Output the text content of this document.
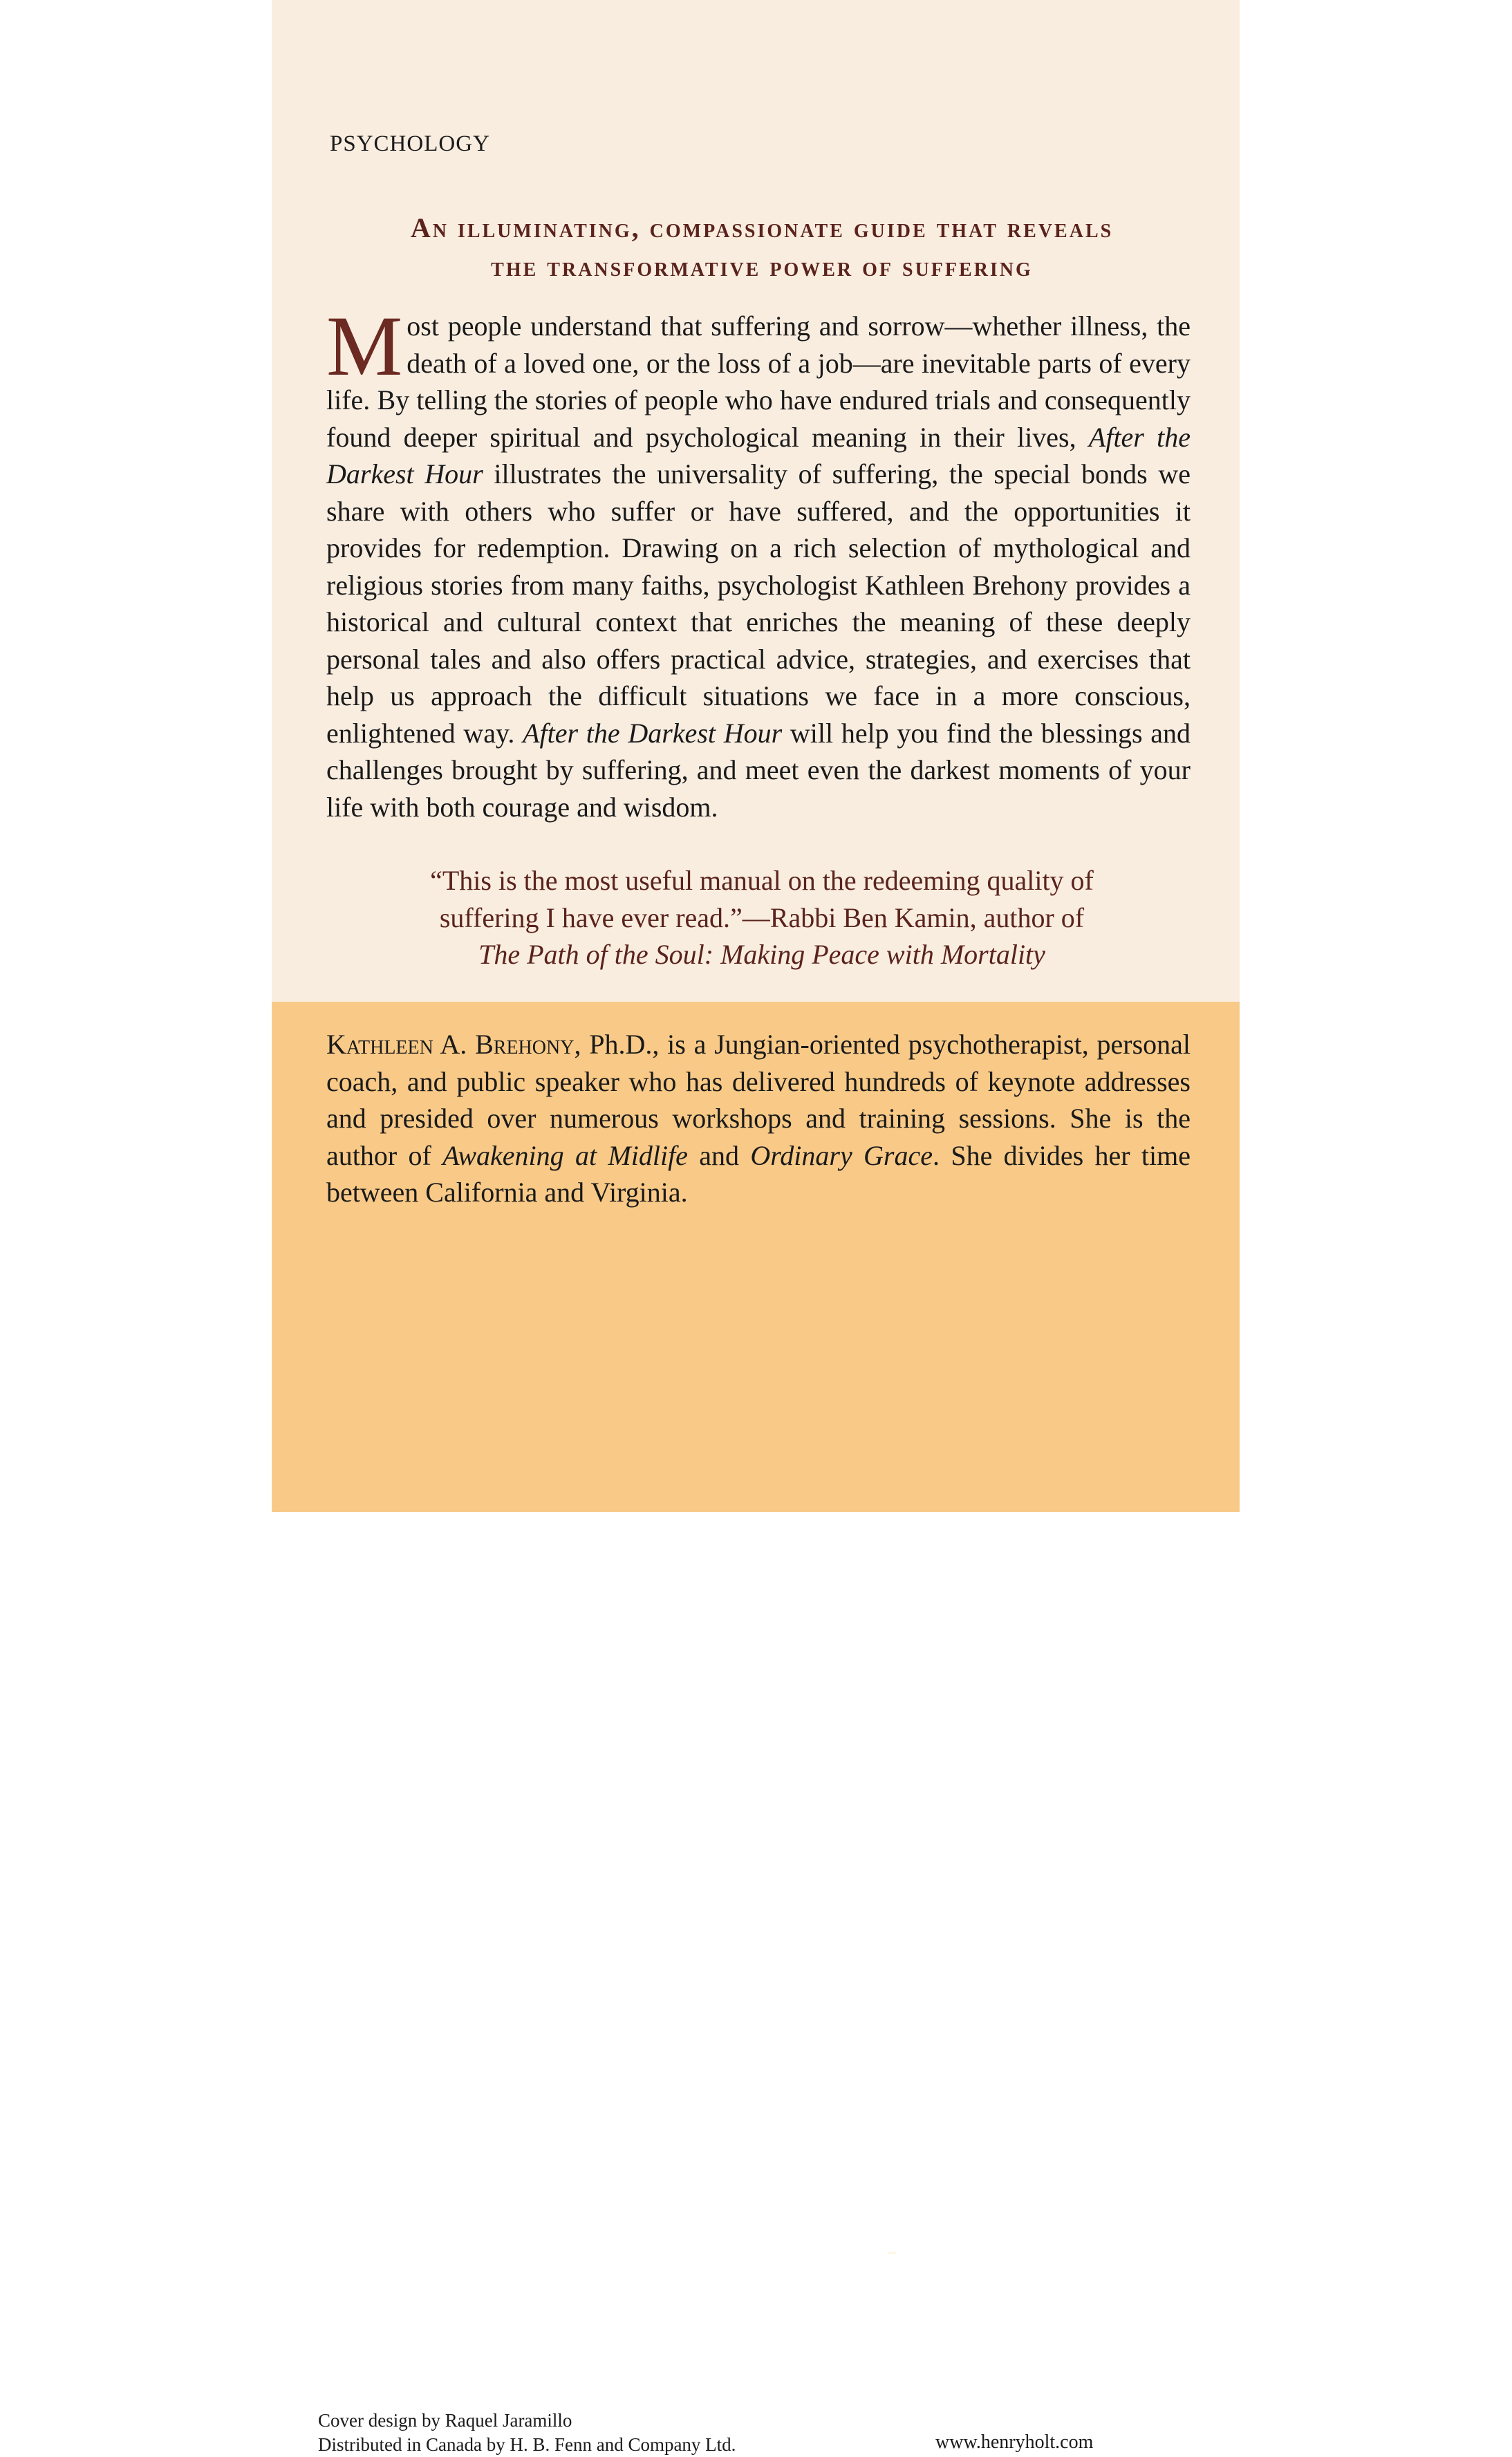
PSYCHOLOGY
An illuminating, compassionate guide that reveals
the transformative power of suffering
Most people understand that suffering and sorrow—whether illness, the death of a loved one, or the loss of a job—are inevitable parts of every life. By telling the stories of people who have endured trials and consequently found deeper spiritual and psychological meaning in their lives, After the Darkest Hour illustrates the universality of suffering, the special bonds we share with others who suffer or have suffered, and the opportunities it provides for redemption. Drawing on a rich selection of mythological and religious stories from many faiths, psychologist Kathleen Brehony provides a historical and cultural context that enriches the meaning of these deeply personal tales and also offers practical advice, strategies, and exercises that help us approach the difficult situations we face in a more conscious, enlightened way. After the Darkest Hour will help you find the blessings and challenges brought by suffering, and meet even the darkest moments of your life with both courage and wisdom.
“This is the most useful manual on the redeeming quality of
suffering I have ever read.”—Rabbi Ben Kamin, author of
The Path of the Soul: Making Peace with Mortality
Cover design by Raquel Jaramillo
Distributed in Canada by H. B. Fenn and Company Ltd.	www.henryholt.com
Kathleen A. Brehony, Ph.D., is a Jungian-oriented psychotherapist, personal coach, and public speaker who has delivered hundreds of keynote addresses and presided over numerous workshops and training sessions. She is the author of Awakening at Midlife and Ordinary Grace. She divides her time between California and Virginia.
